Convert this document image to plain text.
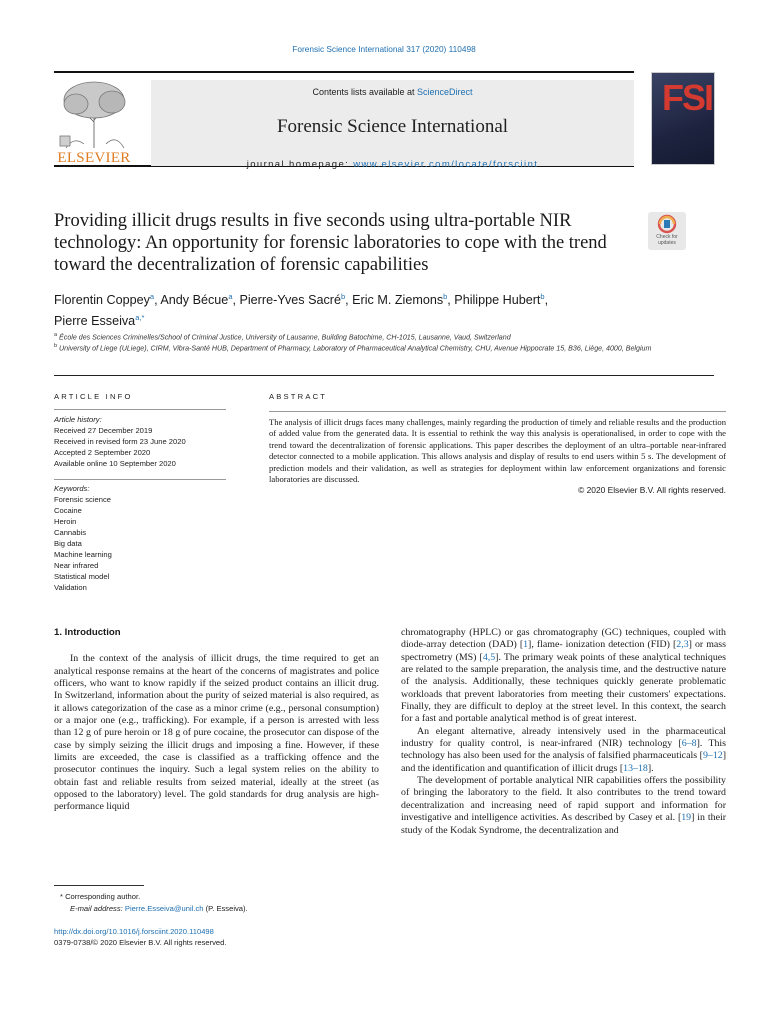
Forensic Science International 317 (2020) 110498
ELSEVIER
Contents lists available at ScienceDirect
Forensic Science International
journal homepage: www.elsevier.com/locate/forsciint
FSI
Providing illicit drugs results in five seconds using ultra-portable NIR technology: An opportunity for forensic laboratories to cope with the trend toward the decentralization of forensic capabilities
Check for
updates
Florentin Coppey$^a$, Andy Bécue$^a$, Pierre-Yves Sacré$^b$, Eric M. Ziemons$^b$, Philippe Hubert$^b$,
Pierre Esseiva$^{a,*}$
$^a$ École des Sciences Criminelles/School of Criminal Justice, University of Lausanne, Building Batochime, CH-1015, Lausanne, Vaud, Switzerland
$^b$ University of Liege (ULiege), CIRM, Vibra-Santé HUB, Department of Pharmacy, Laboratory of Pharmaceutical Analytical Chemistry, CHU, Avenue Hippocrate 15, B36, Liège, 4000, Belgium
ARTICLE INFO
Article history:
Received 27 December 2019
Received in revised form 23 June 2020
Accepted 2 September 2020
Available online 10 September 2020
Keywords:
Forensic science
Cocaine
Heroin
Cannabis
Big data
Machine learning
Near infrared
Statistical model
Validation
ABSTRACT

The analysis of illicit drugs faces many challenges, mainly regarding the production of timely and reliable results and the production of added value from the generated data. It is essential to rethink the way this analysis is operationalised, in order to cope with the trend toward the decentralization of forensic applications. This paper describes the deployment of an ultra–portable near-infrared detector connected to a mobile application. This allows analysis and display of results to end users within 5 s. The development of prediction models and their validation, as well as strategies for deployment within law enforcement organizations and forensic laboratories are discussed.

© 2020 Elsevier B.V. All rights reserved.

1. Introduction

In the context of the analysis of illicit drugs, the time required to get an analytical response remains at the heart of the concerns of magistrates and police officers, who want to know rapidly if the seized product contains an illicit drug. In Switzerland, information about the purity of seized material is also required, as it allows categorization of the case as a minor crime (e.g., personal consumption) or a major one (e.g., trafficking). For example, if a person is arrested with less than 12 g of pure heroin or 18 g of pure cocaine, the prosecutor can dispose of the case by simply seizing the illicit drugs and imposing a fine. However, if these limits are exceeded, the case is classified as a trafficking offence and the prosecutor continues the inquiry. Such a legal system relies on the ability to obtain fast and reliable results from seized material, ideally at the street (as opposed to the laboratory) level. The gold standards for drug analysis are high-performance liquid

chromatography (HPLC) or gas chromatography (GC) techniques, coupled with diode-array detection (DAD) [1], flame- ionization detection (FID) [2,3] or mass spectrometry (MS) [4,5]. The primary weak points of these analytical techniques are related to the sample preparation, the analysis time, and the destructive nature of the analysis. Additionally, these techniques quickly generate problematic workloads that prevent laboratories from meeting their customers' expectations. Finally, they are difficult to deploy at the street level. In this context, the search for a fast and portable analytical method is of great interest.

An elegant alternative, already intensively used in the pharmaceutical industry for quality control, is near-infrared (NIR) technology [6–8]. This technology has also been used for the analysis of falsified pharmaceuticals [9–12] and the identification and quantification of illicit drugs [13–18].

The development of portable analytical NIR capabilities offers the possibility of bringing the laboratory to the field. It also contributes to the trend toward decentralization and increasing need of rapid support and information for investigative and intelligence activities. As described by Casey et al. [19] in their study of the Kodak Syndrome, the decentralization and

* Corresponding author.
E-mail address: Pierre.Esseiva@unil.ch (P. Esseiva).
http://dx.doi.org/10.1016/j.forsciint.2020.110498
0379-0738/© 2020 Elsevier B.V. All rights reserved.
